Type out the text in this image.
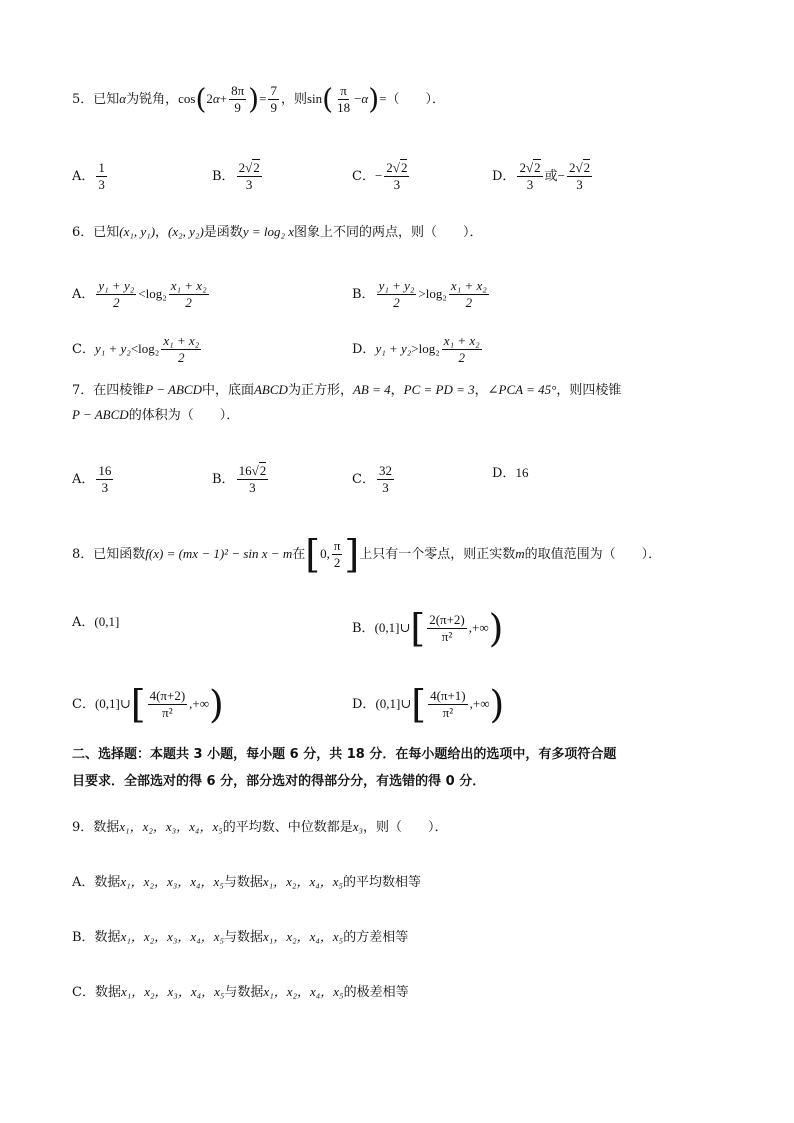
5．已知α为锐角，$\cos(2\alpha+ \frac{8\pi}{9}$ )= $\frac{7}{9}$ ，则$\sin( \frac{\pi}{18} -\alpha)=$（　　）．
A． $\frac{1}{3}$	B． $\frac{2√2}{3}$	C．− $\frac{2√2}{3}$	D． $\frac{2√2}{3}$ 或− $\frac{2√2}{3}$
6．已知(x₁, y₁)，(x₂, y₂)是函数y = log₂ x图象上不同的两点，则（　　）．
A． $\frac{\text{y₁ + y₂}}{2} <\log_2 \frac{\text{x₁ + x₂}}{2}$	B． $\frac{\text{y₁ + y₂}}{2} >\log_2 \frac{\text{x₁ + x₂}}{2}$
C．$y_1 + y_2<\log_2 \frac{\text{x₁ + x₂}}{2}$	D．$y_1 + y_2>\log_2 \frac{\text{x₁ + x₂}}{2}$
7．在四棱锥P − ABCD中，底面ABCD为正方形，AB = 4，PC = PD = 3，∠PCA = 45°，则四棱锥
P − ABCD的体积为（　　）．
A． $\frac{16}{3}$	B． $\frac{16√2}{3}$	C． $\frac{32}{3}$	D．16
8．已知函数f(x) = (mx − 1)² − sin x − m在[0, $\frac{\pi}{2}$ ]上只有一个零点，则正实数m的取值范围为（　　）．
A．(0,1]	B．(0,1]∪[ $\frac{2(\pi+2)}{\text{π²}}$ ,+∞)
C．(0,1]∪[ $\frac{4(\pi+2)}{\text{π²}}$ ,+∞)	D．(0,1]∪[ $\frac{4(\pi+1)}{\text{π²}}$ ,+∞)
二、选择题：本题共 3 小题，每小题 6 分，共 18 分．在每小题给出的选项中，有多项符合题
目要求．全部选对的得 6 分，部分选对的得部分分，有选错的得 0 分．
9．数据x₁，x₂，x₃，x₄，x₅的平均数、中位数都是x₃，则（　　）．
A．数据x₁，x₂，x₃，x₄，x₅与数据x₁，x₂，x₄，x₅的平均数相等
B．数据x₁，x₂，x₃，x₄，x₅与数据x₁，x₂，x₄，x₅的方差相等
C．数据x₁，x₂，x₃，x₄，x₅与数据x₁，x₂，x₄，x₅的极差相等
